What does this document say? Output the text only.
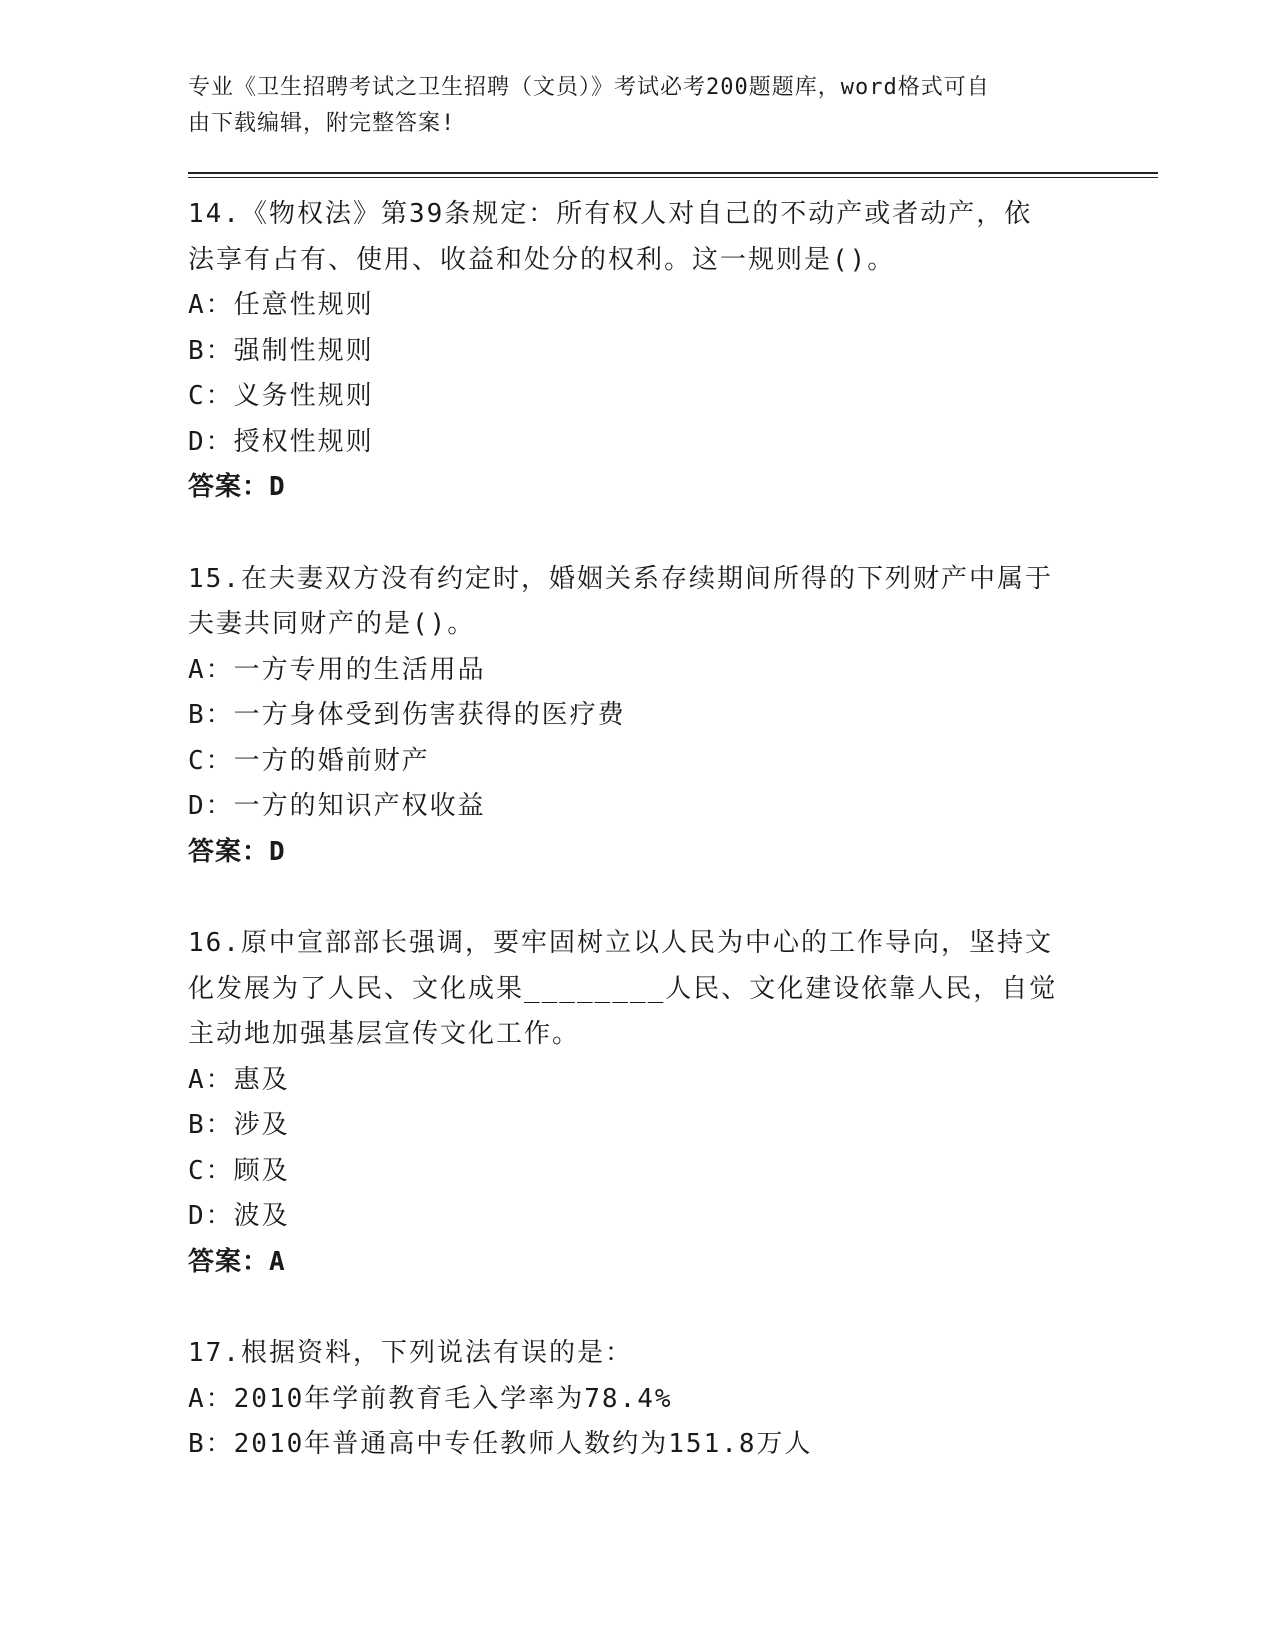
专业《卫生招聘考试之卫生招聘（文员）》考试必考200题题库，word格式可自
由下载编辑，附完整答案!
14.《物权法》第39条规定：所有权人对自己的不动产或者动产，依
法享有占有、使用、收益和处分的权利。这一规则是()。
A：任意性规则
B：强制性规则
C：义务性规则
D：授权性规则
答案：D
15.在夫妻双方没有约定时，婚姻关系存续期间所得的下列财产中属于
夫妻共同财产的是()。
A：一方专用的生活用品
B：一方身体受到伤害获得的医疗费
C：一方的婚前财产
D：一方的知识产权收益
答案：D
16.原中宣部部长强调，要牢固树立以人民为中心的工作导向，坚持文
化发展为了人民、文化成果________人民、文化建设依靠人民，自觉
主动地加强基层宣传文化工作。
A：惠及
B：涉及
C：顾及
D：波及
答案：A
17.根据资料，下列说法有误的是：
A：2010年学前教育毛入学率为78.4%
B：2010年普通高中专任教师人数约为151.8万人
